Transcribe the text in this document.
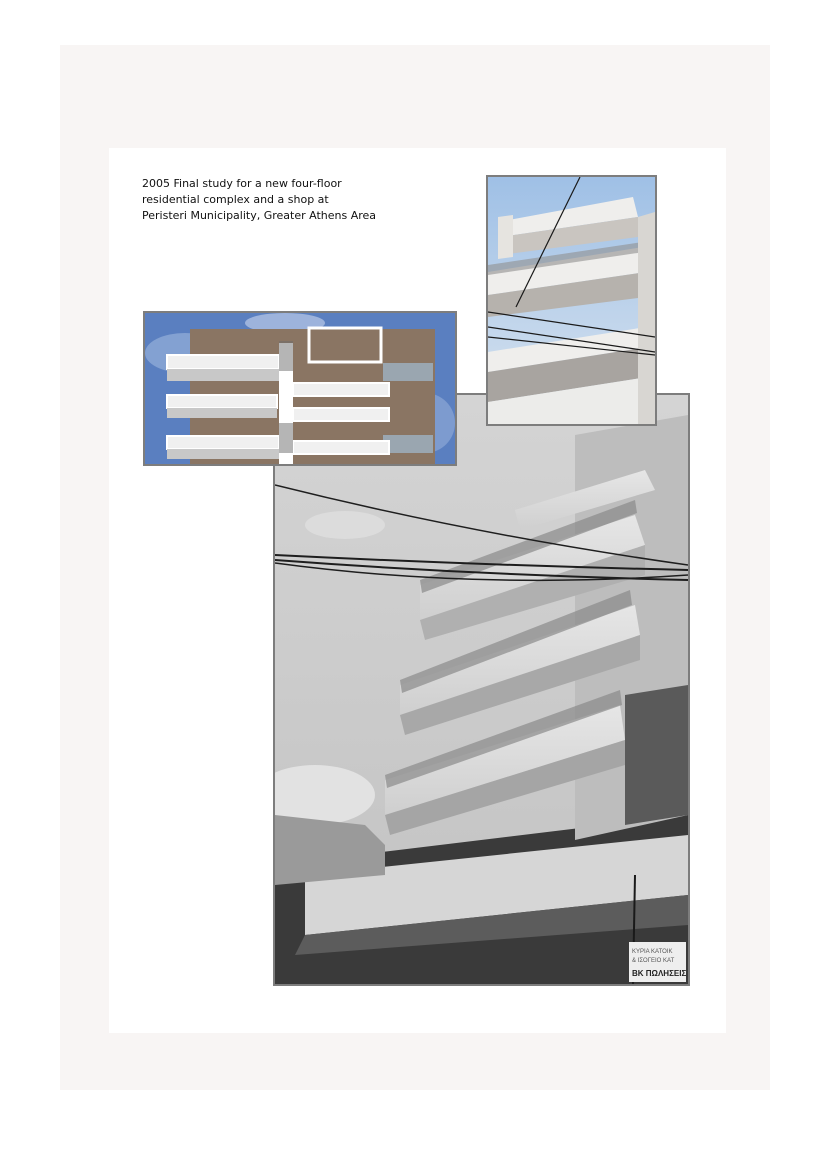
2005 Final study for a new four-floor
residential complex and a shop at
Peristeri Municipality, Greater Athens Area
ΚΥΡΙΑ ΚΑΤΟΙΚ
& ΙΣΟΓΕΙΟ ΚΑΤ
ΒΚ ΠΩΛΗΣΕΙΣ
